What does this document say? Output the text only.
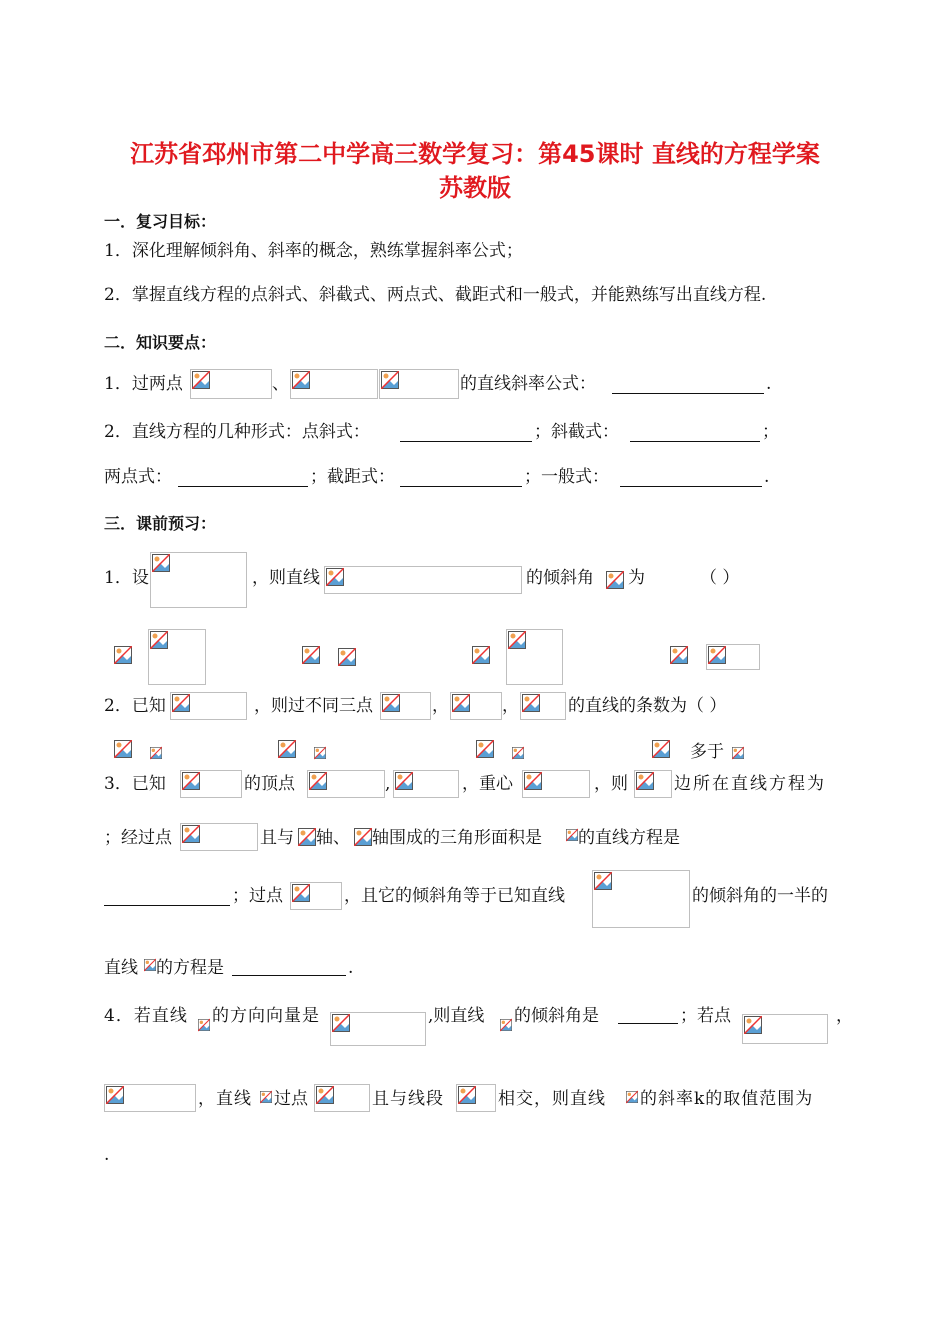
江苏省邳州市第二中学高三数学复习：第45课时 直线的方程学案
苏教版
一．复习目标：
1．深化理解倾斜角、斜率的概念，熟练掌握斜率公式；
2．掌握直线方程的点斜式、斜截式、两点式、截距式和一般式，并能熟练写出直线方程.
二．知识要点：
1．过两点	、	的直线斜率公式：	.
2．直线方程的几种形式：点斜式：	；斜截式：	；
两点式：	；截距式：	；一般式：	.
三．课前预习：
1．设	，则直线	的倾斜角 为	（ ）
2．已知	，则过不同三点	，	，	的直线的条数为（ ）
多于
3．已知	的顶点	,	，重心	，则	边所在直线方程为
；经过点	且与 轴、 轴围成的三角形面积是 的直线方程是
；过点	，且它的倾斜角等于已知直线	的倾斜角的一半的
直线 的方程是	.
4．若直线 的方向向量是	,则直线 的倾斜角是	；若点	，
，直线 过点	且与线段	相交，则直线 的斜率k的取值范围为
.
